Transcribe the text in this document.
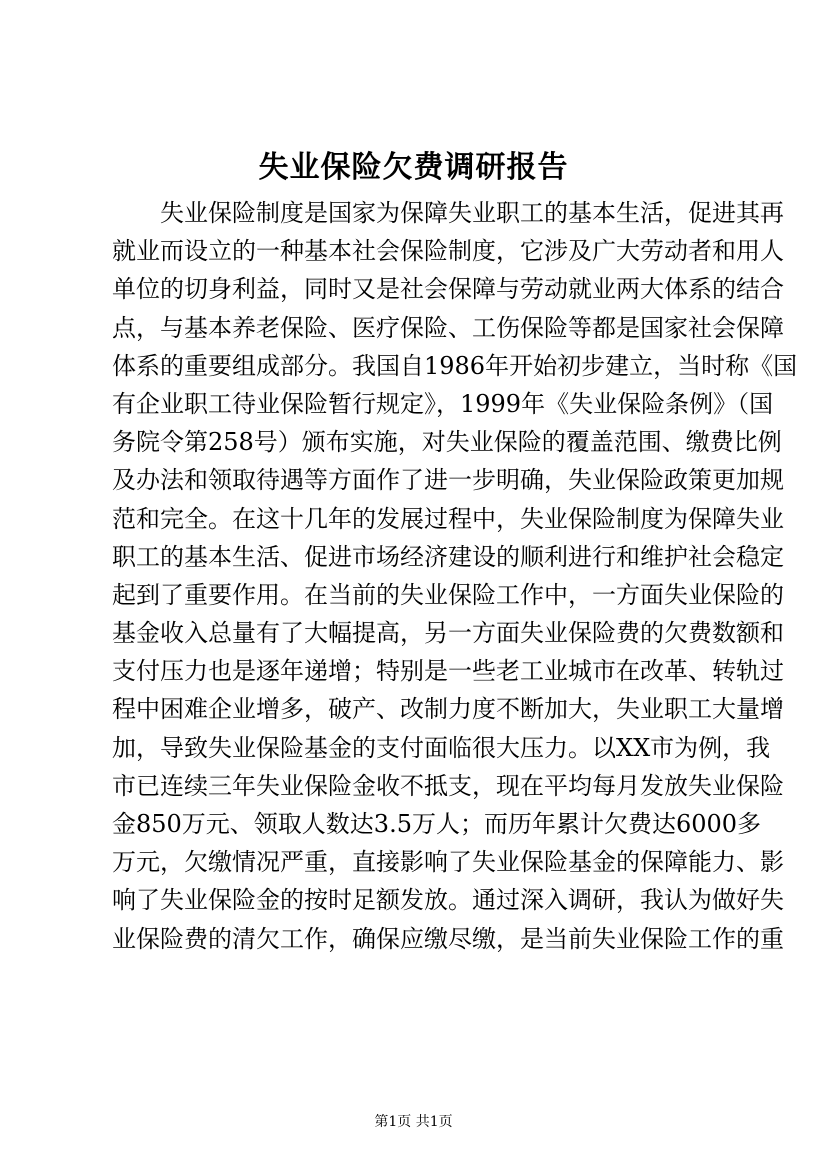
失业保险欠费调研报告
失业保险制度是国家为保障失业职工的基本生活，促进其再
就业而设立的一种基本社会保险制度，它涉及广大劳动者和用人
单位的切身利益，同时又是社会保障与劳动就业两大体系的结合
点，与基本养老保险、医疗保险、工伤保险等都是国家社会保障
体系的重要组成部分。我国自1986年开始初步建立，当时称《国
有企业职工待业保险暂行规定》，1999年《失业保险条例》（国
务院令第258号）颁布实施，对失业保险的覆盖范围、缴费比例
及办法和领取待遇等方面作了进一步明确，失业保险政策更加规
范和完全。在这十几年的发展过程中，失业保险制度为保障失业
职工的基本生活、促进市场经济建设的顺利进行和维护社会稳定
起到了重要作用。在当前的失业保险工作中，一方面失业保险的
基金收入总量有了大幅提高，另一方面失业保险费的欠费数额和
支付压力也是逐年递增；特别是一些老工业城市在改革、转轨过
程中困难企业增多，破产、改制力度不断加大，失业职工大量增
加，导致失业保险基金的支付面临很大压力。以XX市为例，我
市已连续三年失业保险金收不抵支，现在平均每月发放失业保险
金850万元、领取人数达3.5万人；而历年累计欠费达6000多
万元，欠缴情况严重，直接影响了失业保险基金的保障能力、影
响了失业保险金的按时足额发放。通过深入调研，我认为做好失
业保险费的清欠工作，确保应缴尽缴，是当前失业保险工作的重
第1页 共1页
